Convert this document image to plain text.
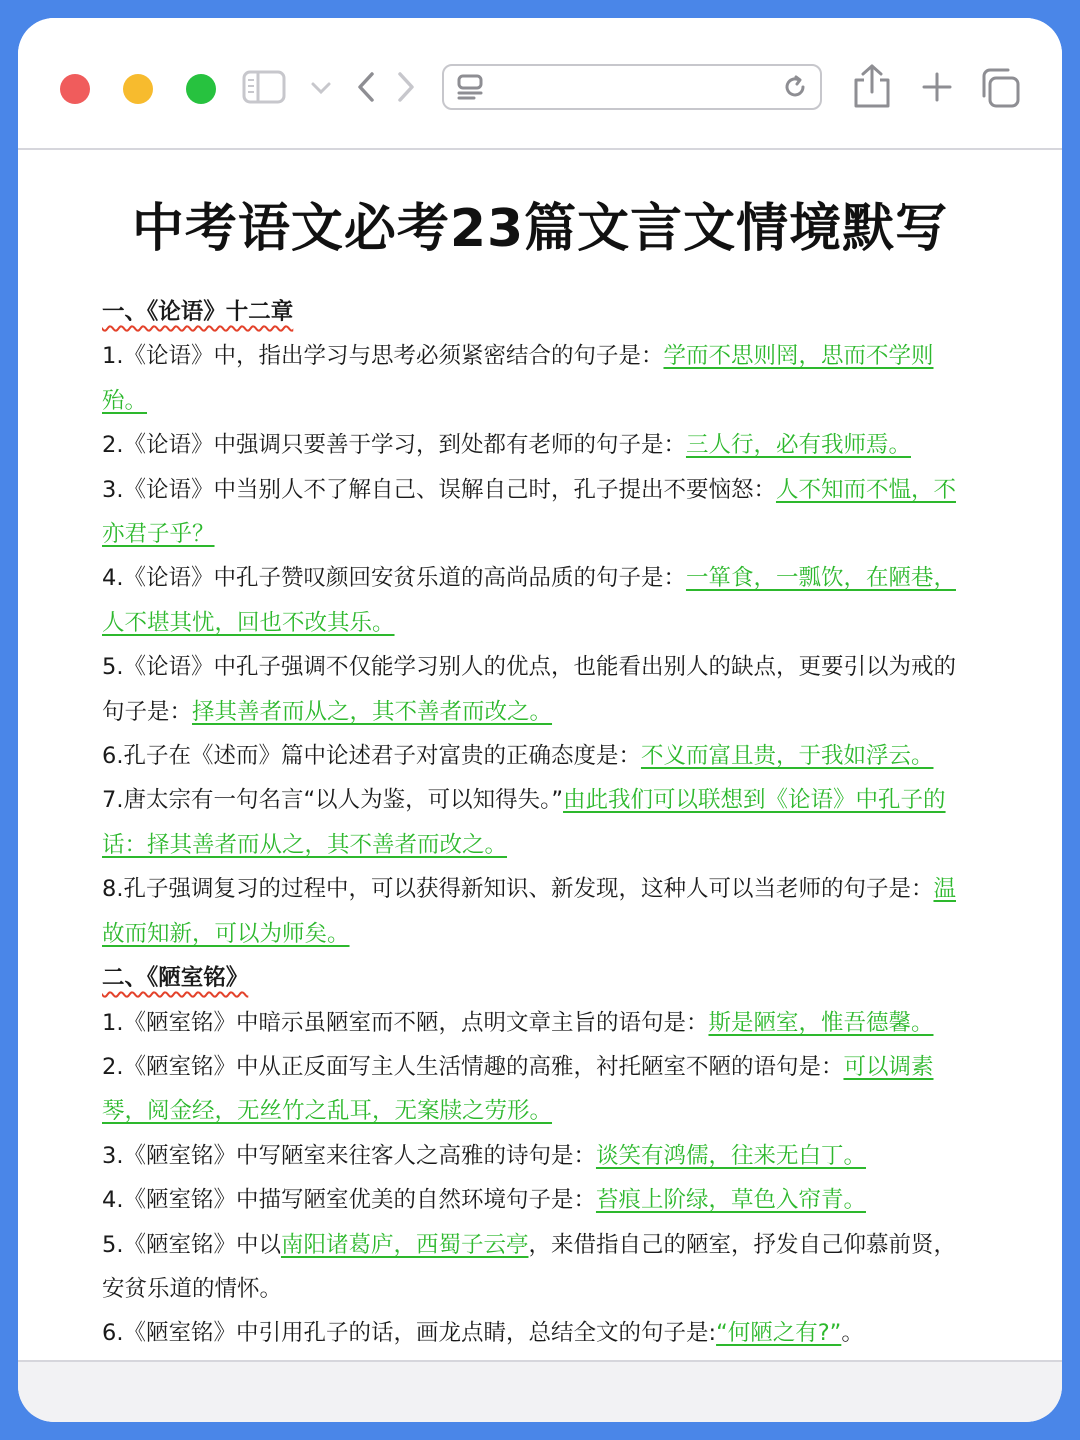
中考语文必考23篇文言文情境默写

一、《论语》十二章

1.《论语》中，指出学习与思考必须紧密结合的句子是：学而不思则罔，思而不学则殆。

2.《论语》中强调只要善于学习，到处都有老师的句子是：三人行，必有我师焉。

3.《论语》中当别人不了解自己、误解自己时，孔子提出不要恼怒：人不知而不愠，不亦君子乎？

4.《论语》中孔子赞叹颜回安贫乐道的高尚品质的句子是：一箪食，一瓢饮，在陋巷，人不堪其忧，回也不改其乐。

5.《论语》中孔子强调不仅能学习别人的优点，也能看出别人的缺点，更要引以为戒的句子是：择其善者而从之，其不善者而改之。

6.孔子在《述而》篇中论述君子对富贵的正确态度是：不义而富且贵，于我如浮云。

7.唐太宗有一句名言“以人为鉴，可以知得失。”由此我们可以联想到《论语》中孔子的话：择其善者而从之，其不善者而改之。

8.孔子强调复习的过程中，可以获得新知识、新发现，这种人可以当老师的句子是：温故而知新，可以为师矣。

二、《陋室铭》

1.《陋室铭》中暗示虽陋室而不陋，点明文章主旨的语句是：斯是陋室，惟吾德馨。

2.《陋室铭》中从正反面写主人生活情趣的高雅，衬托陋室不陋的语句是：可以调素琴，阅金经，无丝竹之乱耳，无案牍之劳形。

3.《陋室铭》中写陋室来往客人之高雅的诗句是：谈笑有鸿儒，往来无白丁。

4.《陋室铭》中描写陋室优美的自然环境句子是：苔痕上阶绿，草色入帘青。

5.《陋室铭》中以南阳诸葛庐，西蜀子云亭，来借指自己的陋室，抒发自己仰慕前贤，安贫乐道的情怀。

6.《陋室铭》中引用孔子的话，画龙点睛，总结全文的句子是:“何陋之有?”。
